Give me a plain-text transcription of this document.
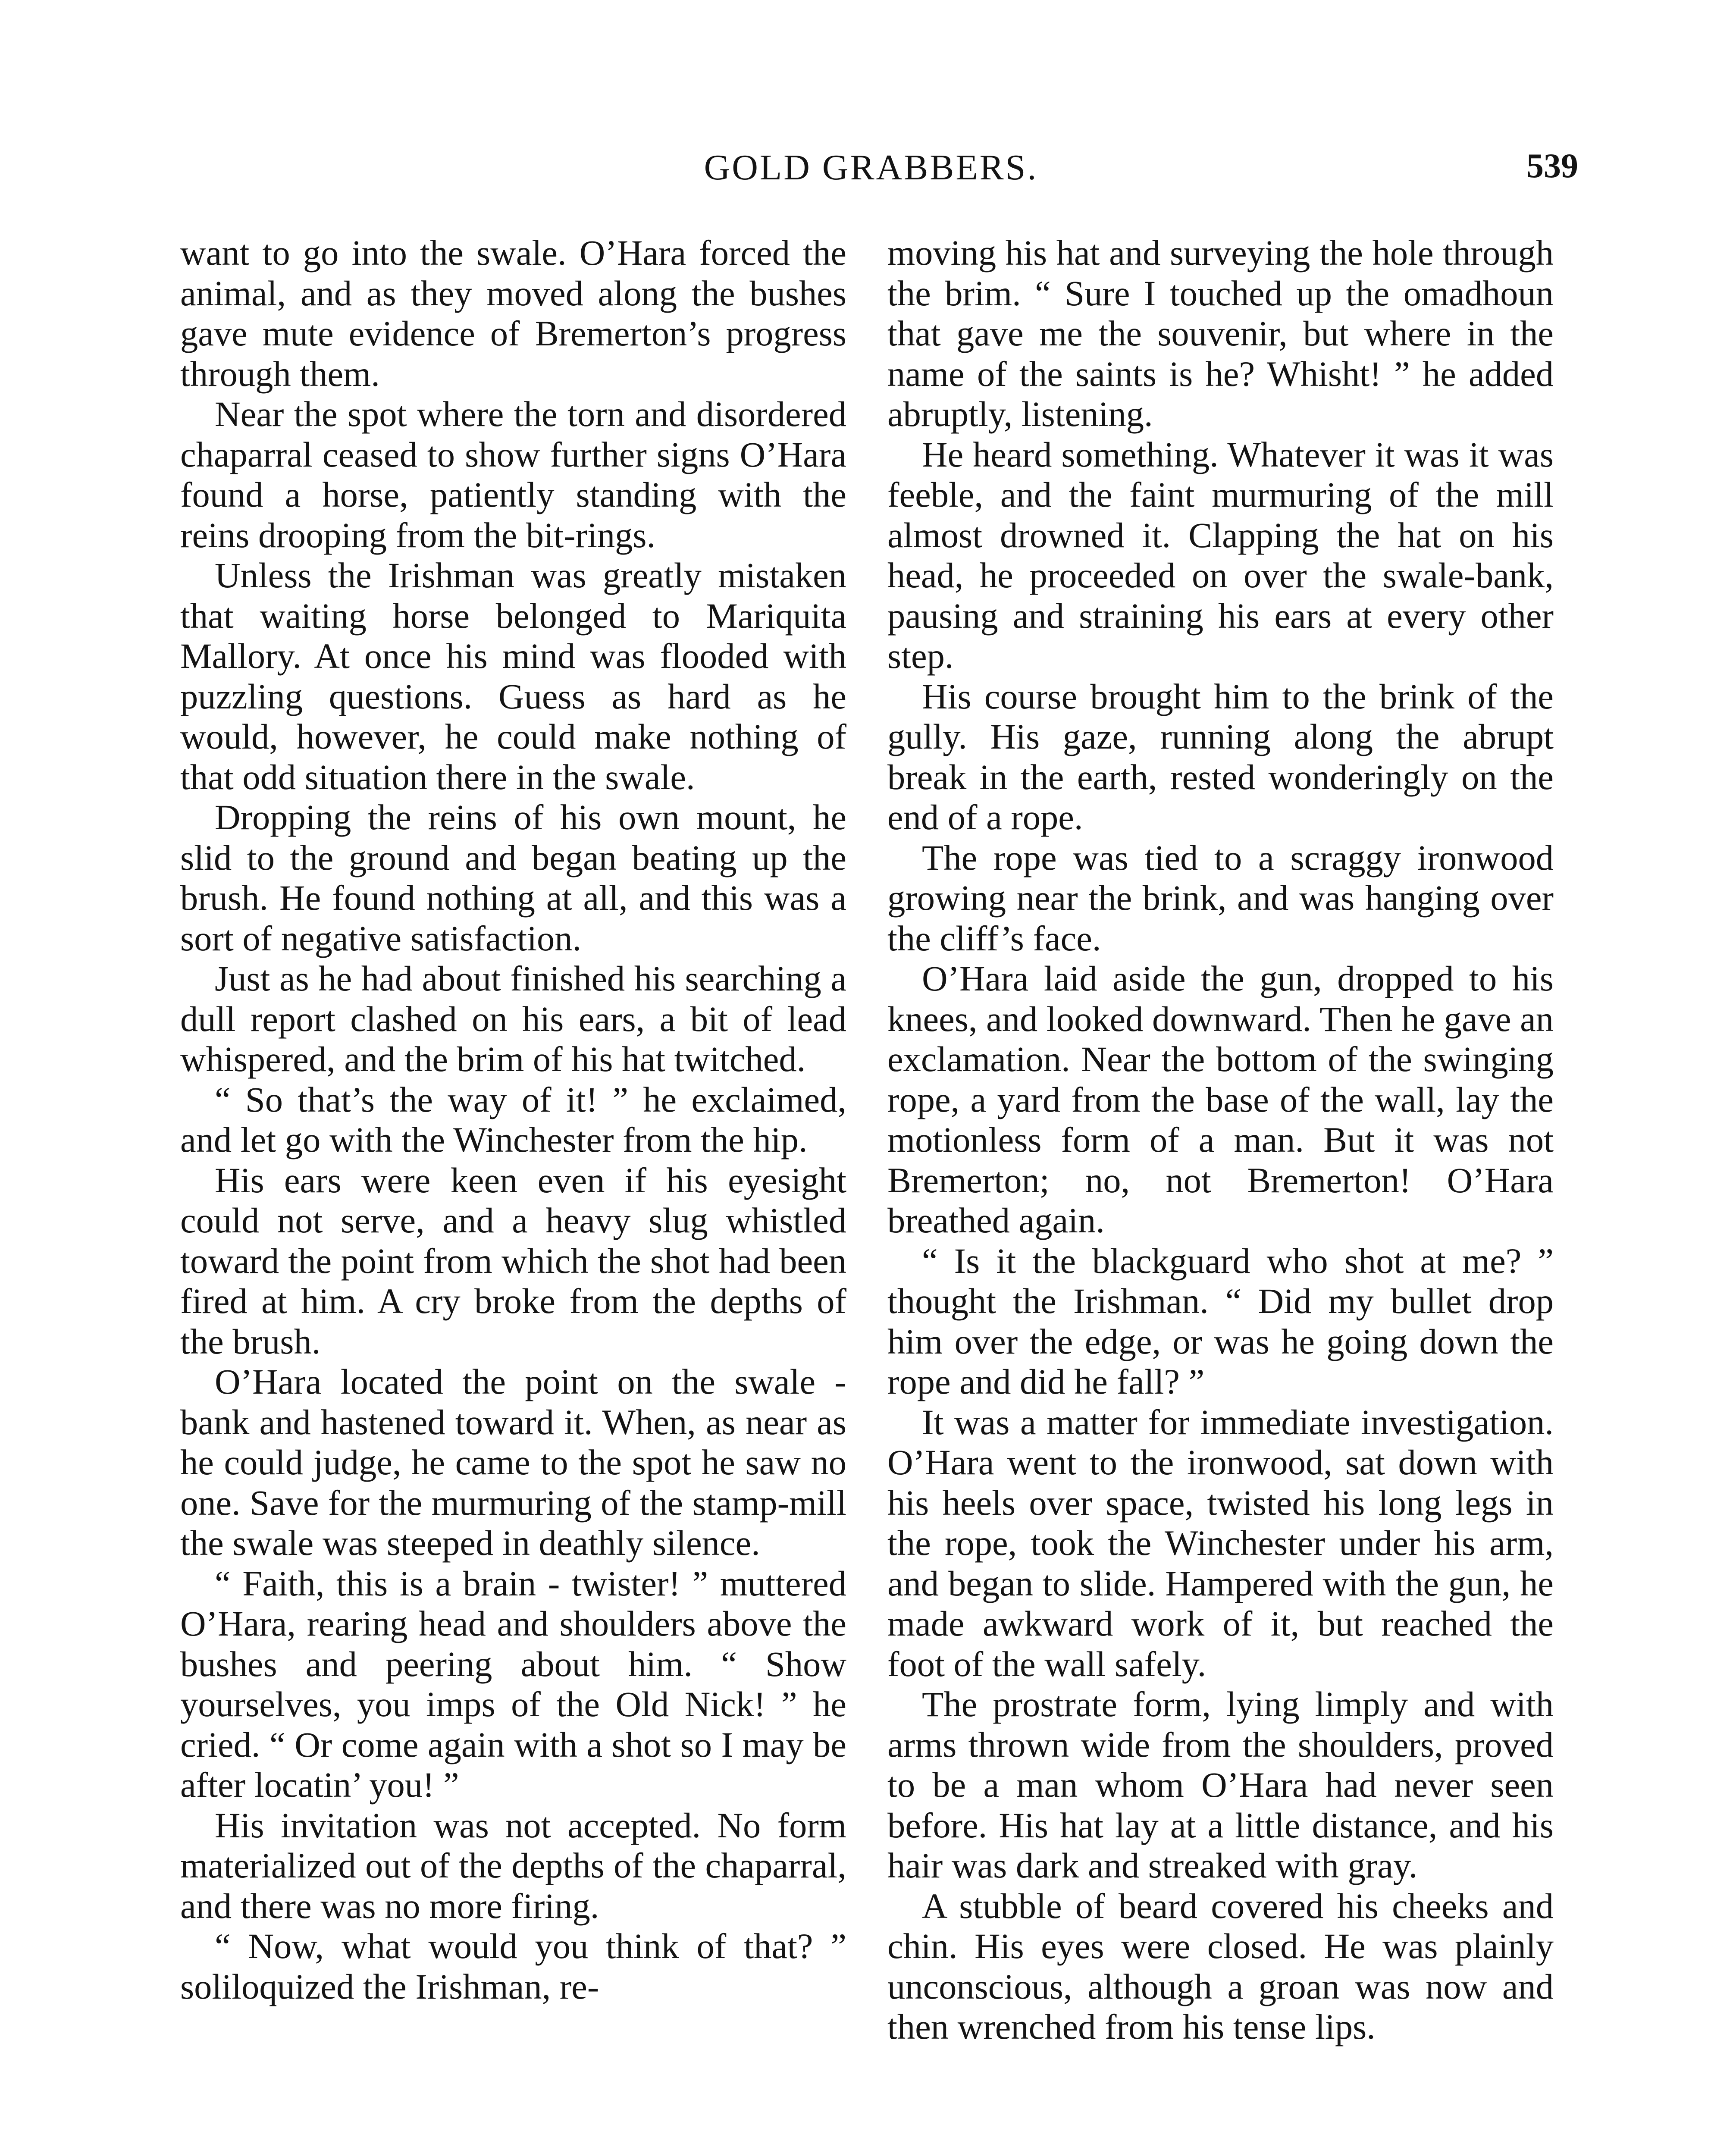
GOLD GRABBERS.	539

want to go into the swale. O’Hara forced the animal, and as they moved along the bushes gave mute evidence of Bremerton’s progress through them.

Near the spot where the torn and disordered chaparral ceased to show further signs O’Hara found a horse, patiently standing with the reins drooping from the bit-rings.

Unless the Irishman was greatly mistaken that waiting horse belonged to Mariquita Mallory. At once his mind was flooded with puzzling questions. Guess as hard as he would, however, he could make nothing of that odd situation there in the swale.

Dropping the reins of his own mount, he slid to the ground and began beating up the brush. He found nothing at all, and this was a sort of negative satisfaction.

Just as he had about finished his searching a dull report clashed on his ears, a bit of lead whispered, and the brim of his hat twitched.

“ So that’s the way of it! ” he exclaimed, and let go with the Winchester from the hip.

His ears were keen even if his eyesight could not serve, and a heavy slug whistled toward the point from which the shot had been fired at him. A cry broke from the depths of the brush.

O’Hara located the point on the swale - bank and hastened toward it. When, as near as he could judge, he came to the spot he saw no one. Save for the murmuring of the stamp-mill the swale was steeped in deathly silence.

“ Faith, this is a brain - twister! ” muttered O’Hara, rearing head and shoulders above the bushes and peering about him. “ Show yourselves, you imps of the Old Nick! ” he cried. “ Or come again with a shot so I may be after locatin’ you! ”

His invitation was not accepted. No form materialized out of the depths of the chaparral, and there was no more firing.

“ Now, what would you think of that? ” soliloquized the Irishman, re-

moving his hat and surveying the hole through the brim. “ Sure I touched up the omadhoun that gave me the souvenir, but where in the name of the saints is he? Whisht! ” he added abruptly, listening.

He heard something. Whatever it was it was feeble, and the faint murmuring of the mill almost drowned it. Clapping the hat on his head, he proceeded on over the swale-bank, pausing and straining his ears at every other step.

His course brought him to the brink of the gully. His gaze, running along the abrupt break in the earth, rested wonderingly on the end of a rope.

The rope was tied to a scraggy ironwood growing near the brink, and was hanging over the cliff’s face.

O’Hara laid aside the gun, dropped to his knees, and looked downward. Then he gave an exclamation. Near the bottom of the swinging rope, a yard from the base of the wall, lay the motionless form of a man. But it was not Bremerton; no, not Bremerton! O’Hara breathed again.

“ Is it the blackguard who shot at me? ” thought the Irishman. “ Did my bullet drop him over the edge, or was he going down the rope and did he fall? ”

It was a matter for immediate investigation. O’Hara went to the ironwood, sat down with his heels over space, twisted his long legs in the rope, took the Winchester under his arm, and began to slide. Hampered with the gun, he made awkward work of it, but reached the foot of the wall safely.

The prostrate form, lying limply and with arms thrown wide from the shoulders, proved to be a man whom O’Hara had never seen before. His hat lay at a little distance, and his hair was dark and streaked with gray.

A stubble of beard covered his cheeks and chin. His eyes were closed. He was plainly unconscious, although a groan was now and then wrenched from his tense lips.
